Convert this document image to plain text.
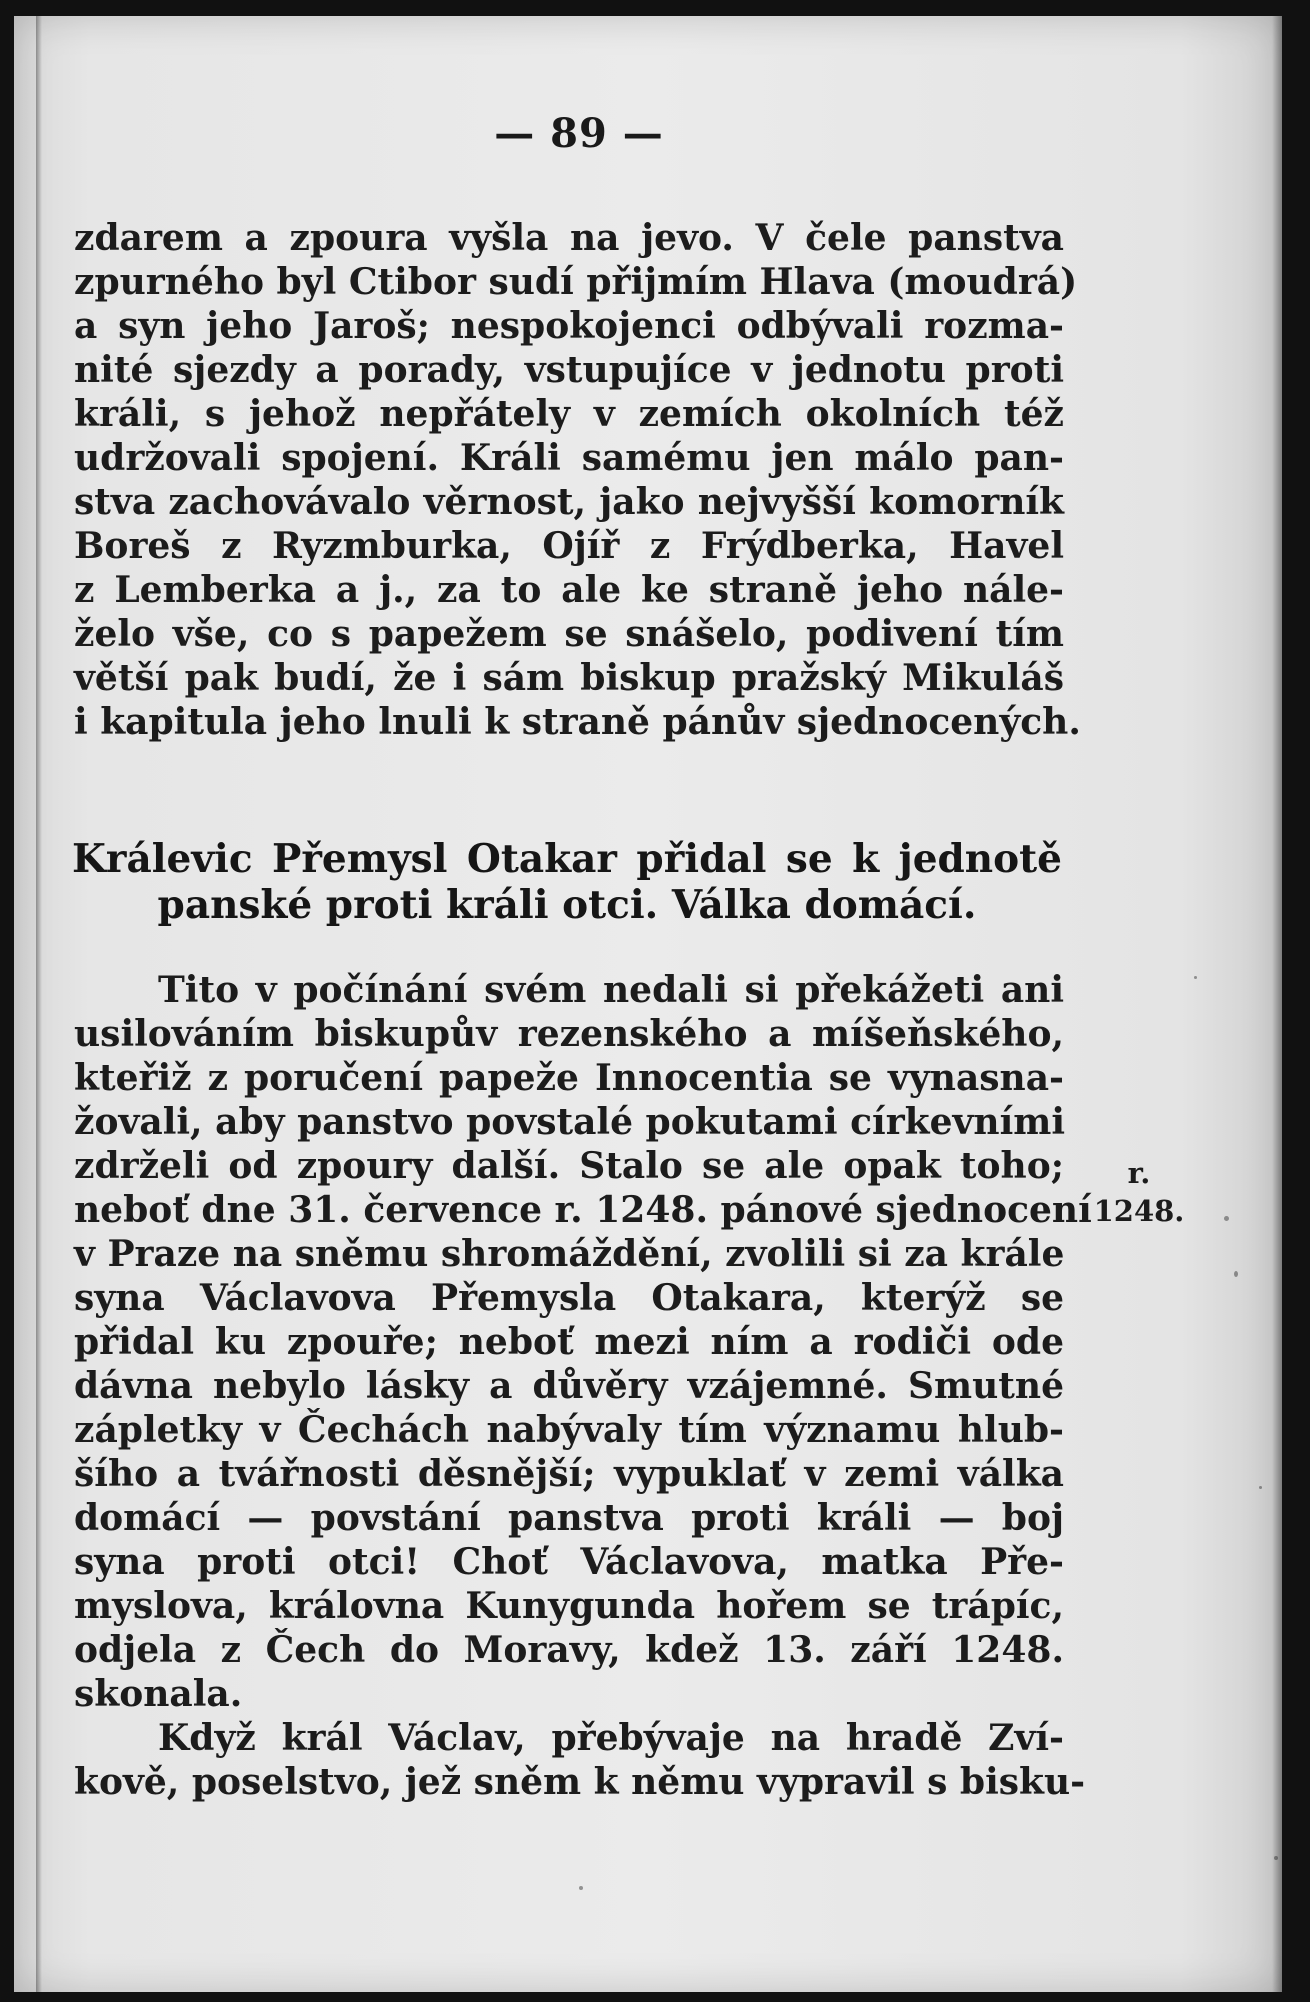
— 89 —
zdarem a zpoura vyšla na jevo. V čele panstva
zpurného byl Ctibor sudí přijmím Hlava (moudrá)
a syn jeho Jaroš; nespokojenci odbývali rozma-
nité sjezdy a porady, vstupujíce v jednotu proti
králi, s jehož nepřátely v zemích okolních též
udržovali spojení. Králi samému jen málo pan-
stva zachovávalo věrnost, jako nejvyšší komorník
Boreš z Ryzmburka, Ojíř z Frýdberka, Havel
z Lemberka a j., za to ale ke straně jeho nále-
želo vše, co s papežem se snášelo, podivení tím
větší pak budí, že i sám biskup pražský Mikuláš
i kapitula jeho lnuli k straně pánův sjednocených.
Králevic Přemysl Otakar přidal se k jednotě
panské proti králi otci. Válka domácí.
Tito v počínání svém nedali si překážeti ani
usilováním biskupův rezenského a míšeňského,
kteřiž z poručení papeže Innocentia se vynasna-
žovali, aby panstvo povstalé pokutami církevními
zdrželi od zpoury další. Stalo se ale opak toho;
neboť dne 31. července r. 1248. pánové sjednocení
v Praze na sněmu shromáždění, zvolili si za krále
syna Václavova Přemysla Otakara, kterýž se
přidal ku zpouře; neboť mezi ním a rodiči ode
dávna nebylo lásky a důvěry vzájemné. Smutné
zápletky v Čechách nabývaly tím významu hlub-
šího a tvářnosti děsnější; vypuklať v zemi válka
domácí — povstání panstva proti králi — boj
syna proti otci! Choť Václavova, matka Pře-
myslova, královna Kunygunda hořem se trápíc,
odjela z Čech do Moravy, kdež 13. září 1248.
skonala.
Když král Václav, přebývaje na hradě Zví-
kově, poselstvo, jež sněm k němu vypravil s bisku-
r.
1248.
